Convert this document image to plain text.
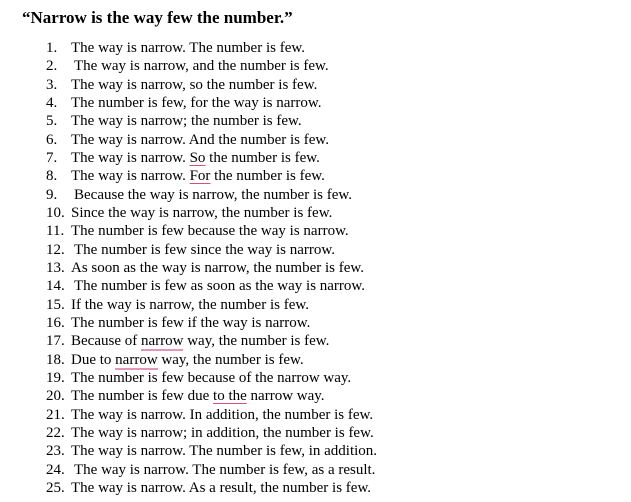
“Narrow is the way few the number.”
1. The way is narrow. The number is few.
2. The way is narrow, and the number is few.
3. The way is narrow, so the number is few.
4. The number is few, for the way is narrow.
5. The way is narrow; the number is few.
6. The way is narrow. And the number is few.
7. The way is narrow. So the number is few.
8. The way is narrow. For the number is few.
9. Because the way is narrow, the number is few.
10. Since the way is narrow, the number is few.
11. The number is few because the way is narrow.
12. The number is few since the way is narrow.
13. As soon as the way is narrow, the number is few.
14. The number is few as soon as the way is narrow.
15. If the way is narrow, the number is few.
16. The number is few if the way is narrow.
17. Because of narrow way, the number is few.
18. Due to narrow way, the number is few.
19. The number is few because of the narrow way.
20. The number is few due to the narrow way.
21. The way is narrow. In addition, the number is few.
22. The way is narrow; in addition, the number is few.
23. The way is narrow. The number is few, in addition.
24. The way is narrow. The number is few, as a result.
25. The way is narrow. As a result, the number is few.
